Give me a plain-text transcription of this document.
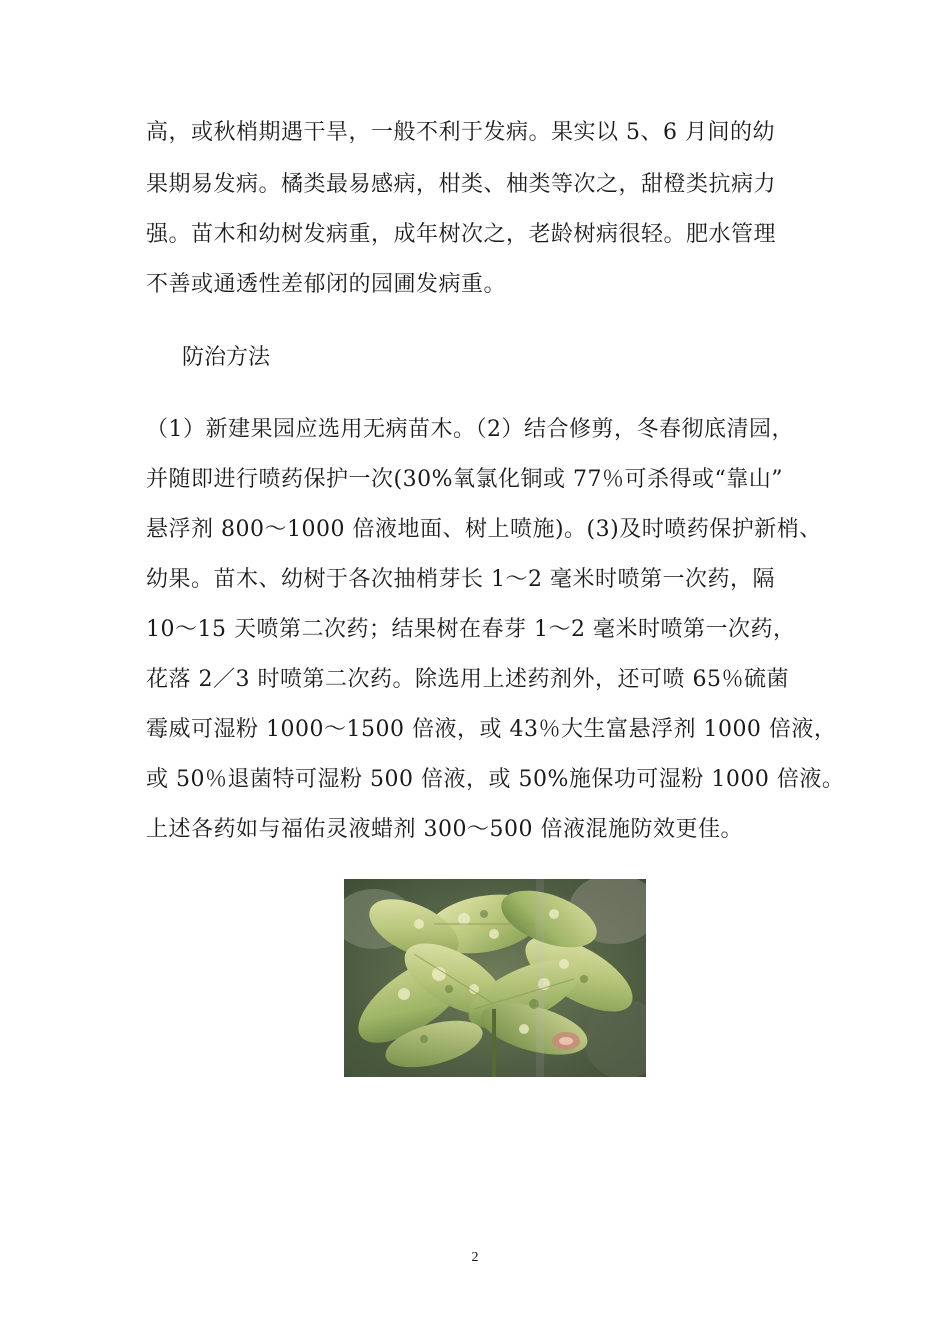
高，或秋梢期遇干旱，一般不利于发病。果实以 5、6 月间的幼
果期易发病。橘类最易感病，柑类、柚类等次之，甜橙类抗病力
强。苗木和幼树发病重，成年树次之，老龄树病很轻。肥水管理
不善或通透性差郁闭的园圃发病重。
防治方法
（1）新建果园应选用无病苗木。（2）结合修剪，冬春彻底清园，
并随即进行喷药保护一次(30%氧氯化铜或 77％可杀得或“靠山”
悬浮剂 800～1000 倍液地面、树上喷施)。(3)及时喷药保护新梢、
幼果。苗木、幼树于各次抽梢芽长 1～2 毫米时喷第一次药，隔
10～15 天喷第二次药；结果树在春芽 1～2 毫米时喷第一次药，
花落 2／3 时喷第二次药。除选用上述药剂外，还可喷 65％硫菌
霉威可湿粉 1000～1500 倍液，或 43％大生富悬浮剂 1000 倍液，
或 50％退菌特可湿粉 500 倍液，或 50%施保功可湿粉 1000 倍液。
上述各药如与福佑灵液蜡剂 300～500 倍液混施防效更佳。
2
